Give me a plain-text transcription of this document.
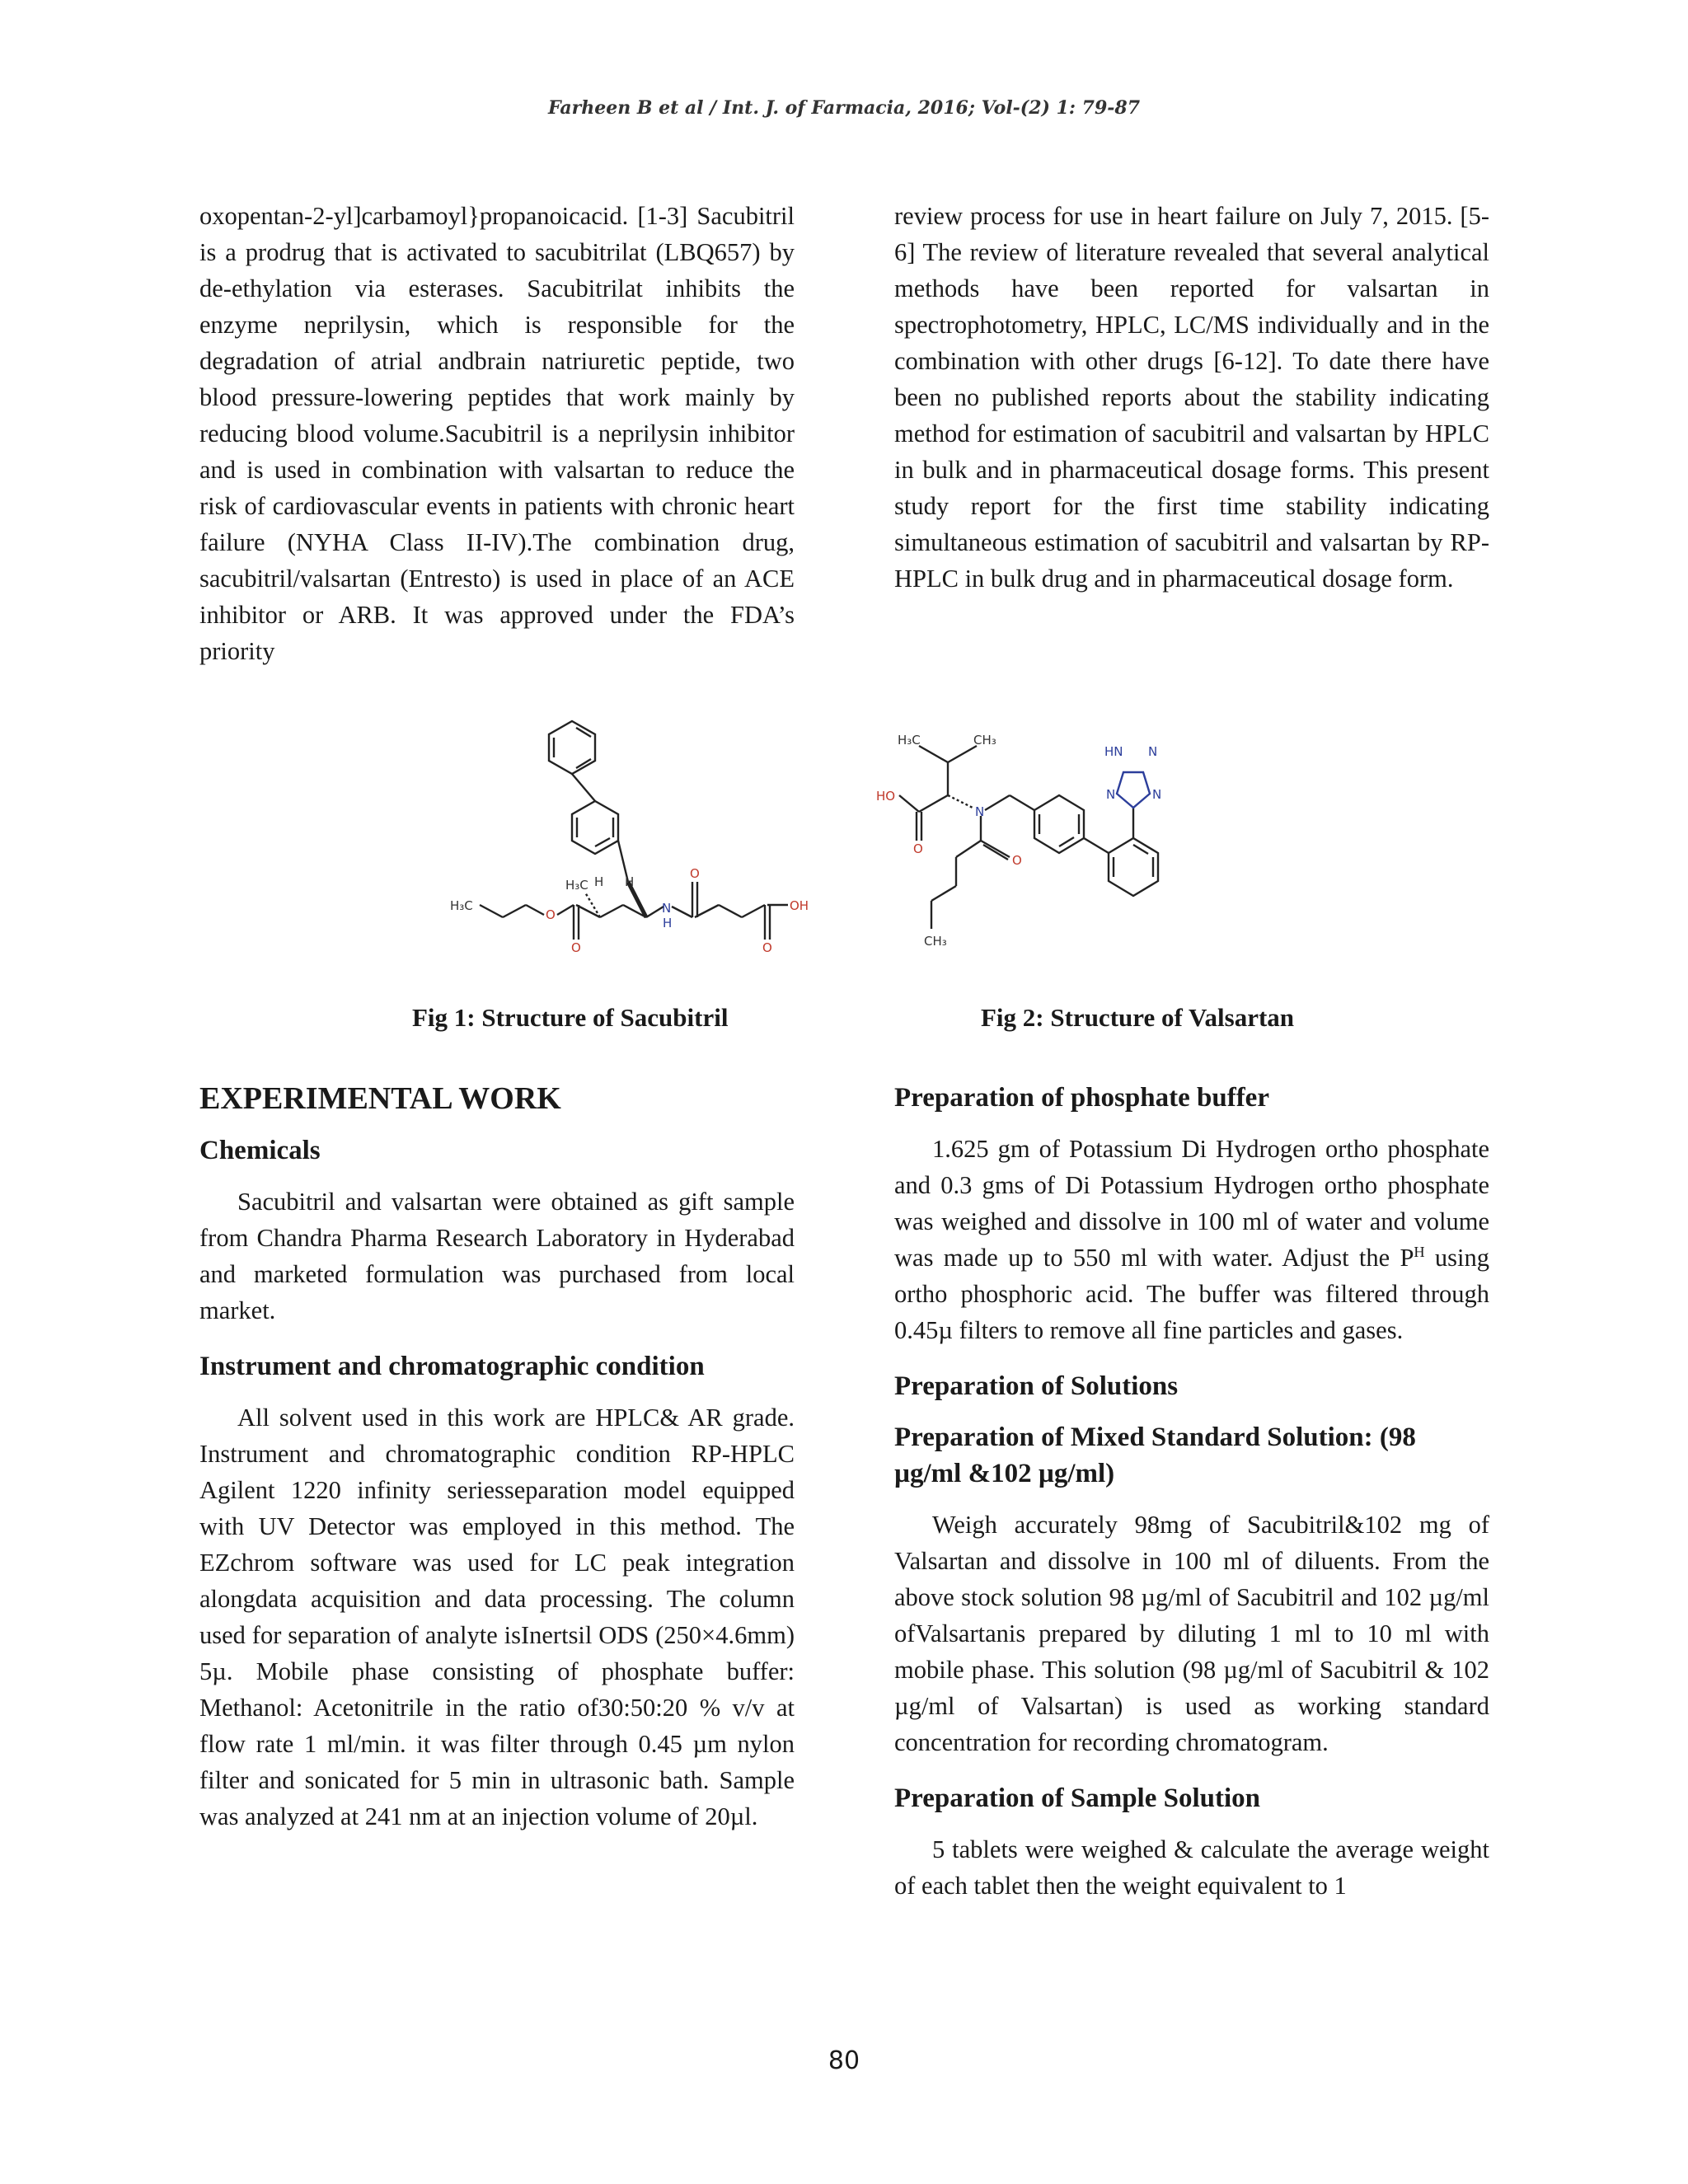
Farheen B et al / Int. J. of Farmacia, 2016; Vol-(2) 1: 79-87

oxopentan-2-yl]carbamoyl}propanoicacid. [1-3] Sacubitril is a prodrug that is activated to sacubitrilat (LBQ657) by de-ethylation via esterases. Sacubitrilat inhibits the enzyme neprilysin, which is responsible for the degradation of atrial andbrain natriuretic peptide, two blood pressure-lowering peptides that work mainly by reducing blood volume.Sacubitril is a neprilysin inhibitor and is used in combination with valsartan to reduce the risk of cardiovascular events in patients with chronic heart failure (NYHA Class II-IV).The combination drug, sacubitril/valsartan (Entresto) is used in place of an ACE inhibitor or ARB. It was approved under the FDA’s priority

review process for use in heart failure on July 7, 2015. [5-6] The review of literature revealed that several analytical methods have been reported for valsartan in spectrophotometry, HPLC, LC/MS individually and in the combination with other drugs [6-12]. To date there have been no published reports about the stability indicating method for estimation of sacubitril and valsartan by HPLC in bulk and in pharmaceutical dosage forms. This present study report for the first time stability indicating simultaneous estimation of sacubitril and valsartan by RP-HPLC in bulk drug and in pharmaceutical dosage form.

H₃C
H₃C H H
O
O
N
H
O
O
OH
H₃C	CH₃
HO
O
N
O
HN N
N	N
CH₃
Fig 1: Structure of Sacubitril	Fig 2: Structure of Valsartan
EXPERIMENTAL WORK
Chemicals

Sacubitril and valsartan were obtained as gift sample from Chandra Pharma Research Laboratory in Hyderabad and marketed formulation was purchased from local market.

Instrument and chromatographic condition

All solvent used in this work are HPLC& AR grade. Instrument and chromatographic condition RP-HPLC Agilent 1220 infinity seriesseparation model equipped with UV Detector was employed in this method. The EZchrom software was used for LC peak integration alongdata acquisition and data processing. The column used for separation of analyte isInertsil ODS (250×4.6mm) 5µ. Mobile phase consisting of phosphate buffer: Methanol: Acetonitrile in the ratio of30:50:20 % v/v at flow rate 1 ml/min. it was filter through 0.45 µm nylon filter and sonicated for 5 min in ultrasonic bath. Sample was analyzed at 241 nm at an injection volume of 20µl.

Preparation of phosphate buffer

1.625 gm of Potassium Di Hydrogen ortho phosphate and 0.3 gms of Di Potassium Hydrogen ortho phosphate was weighed and dissolve in 100 ml of water and volume was made up to 550 ml with water. Adjust the $P^H$ using ortho phosphoric acid. The buffer was filtered through 0.45µ filters to remove all fine particles and gases.

Preparation of Solutions
Preparation of Mixed Standard Solution: (98 µg/ml &102 µg/ml)

Weigh accurately 98mg of Sacubitril&102 mg of Valsartan and dissolve in 100 ml of diluents. From the above stock solution 98 µg/ml of Sacubitril and 102 µg/ml ofValsartanis prepared by diluting 1 ml to 10 ml with mobile phase. This solution (98 µg/ml of Sacubitril & 102 µg/ml of Valsartan) is used as working standard concentration for recording chromatogram.

Preparation of Sample Solution

5 tablets were weighed & calculate the average weight of each tablet then the weight equivalent to 1

80
